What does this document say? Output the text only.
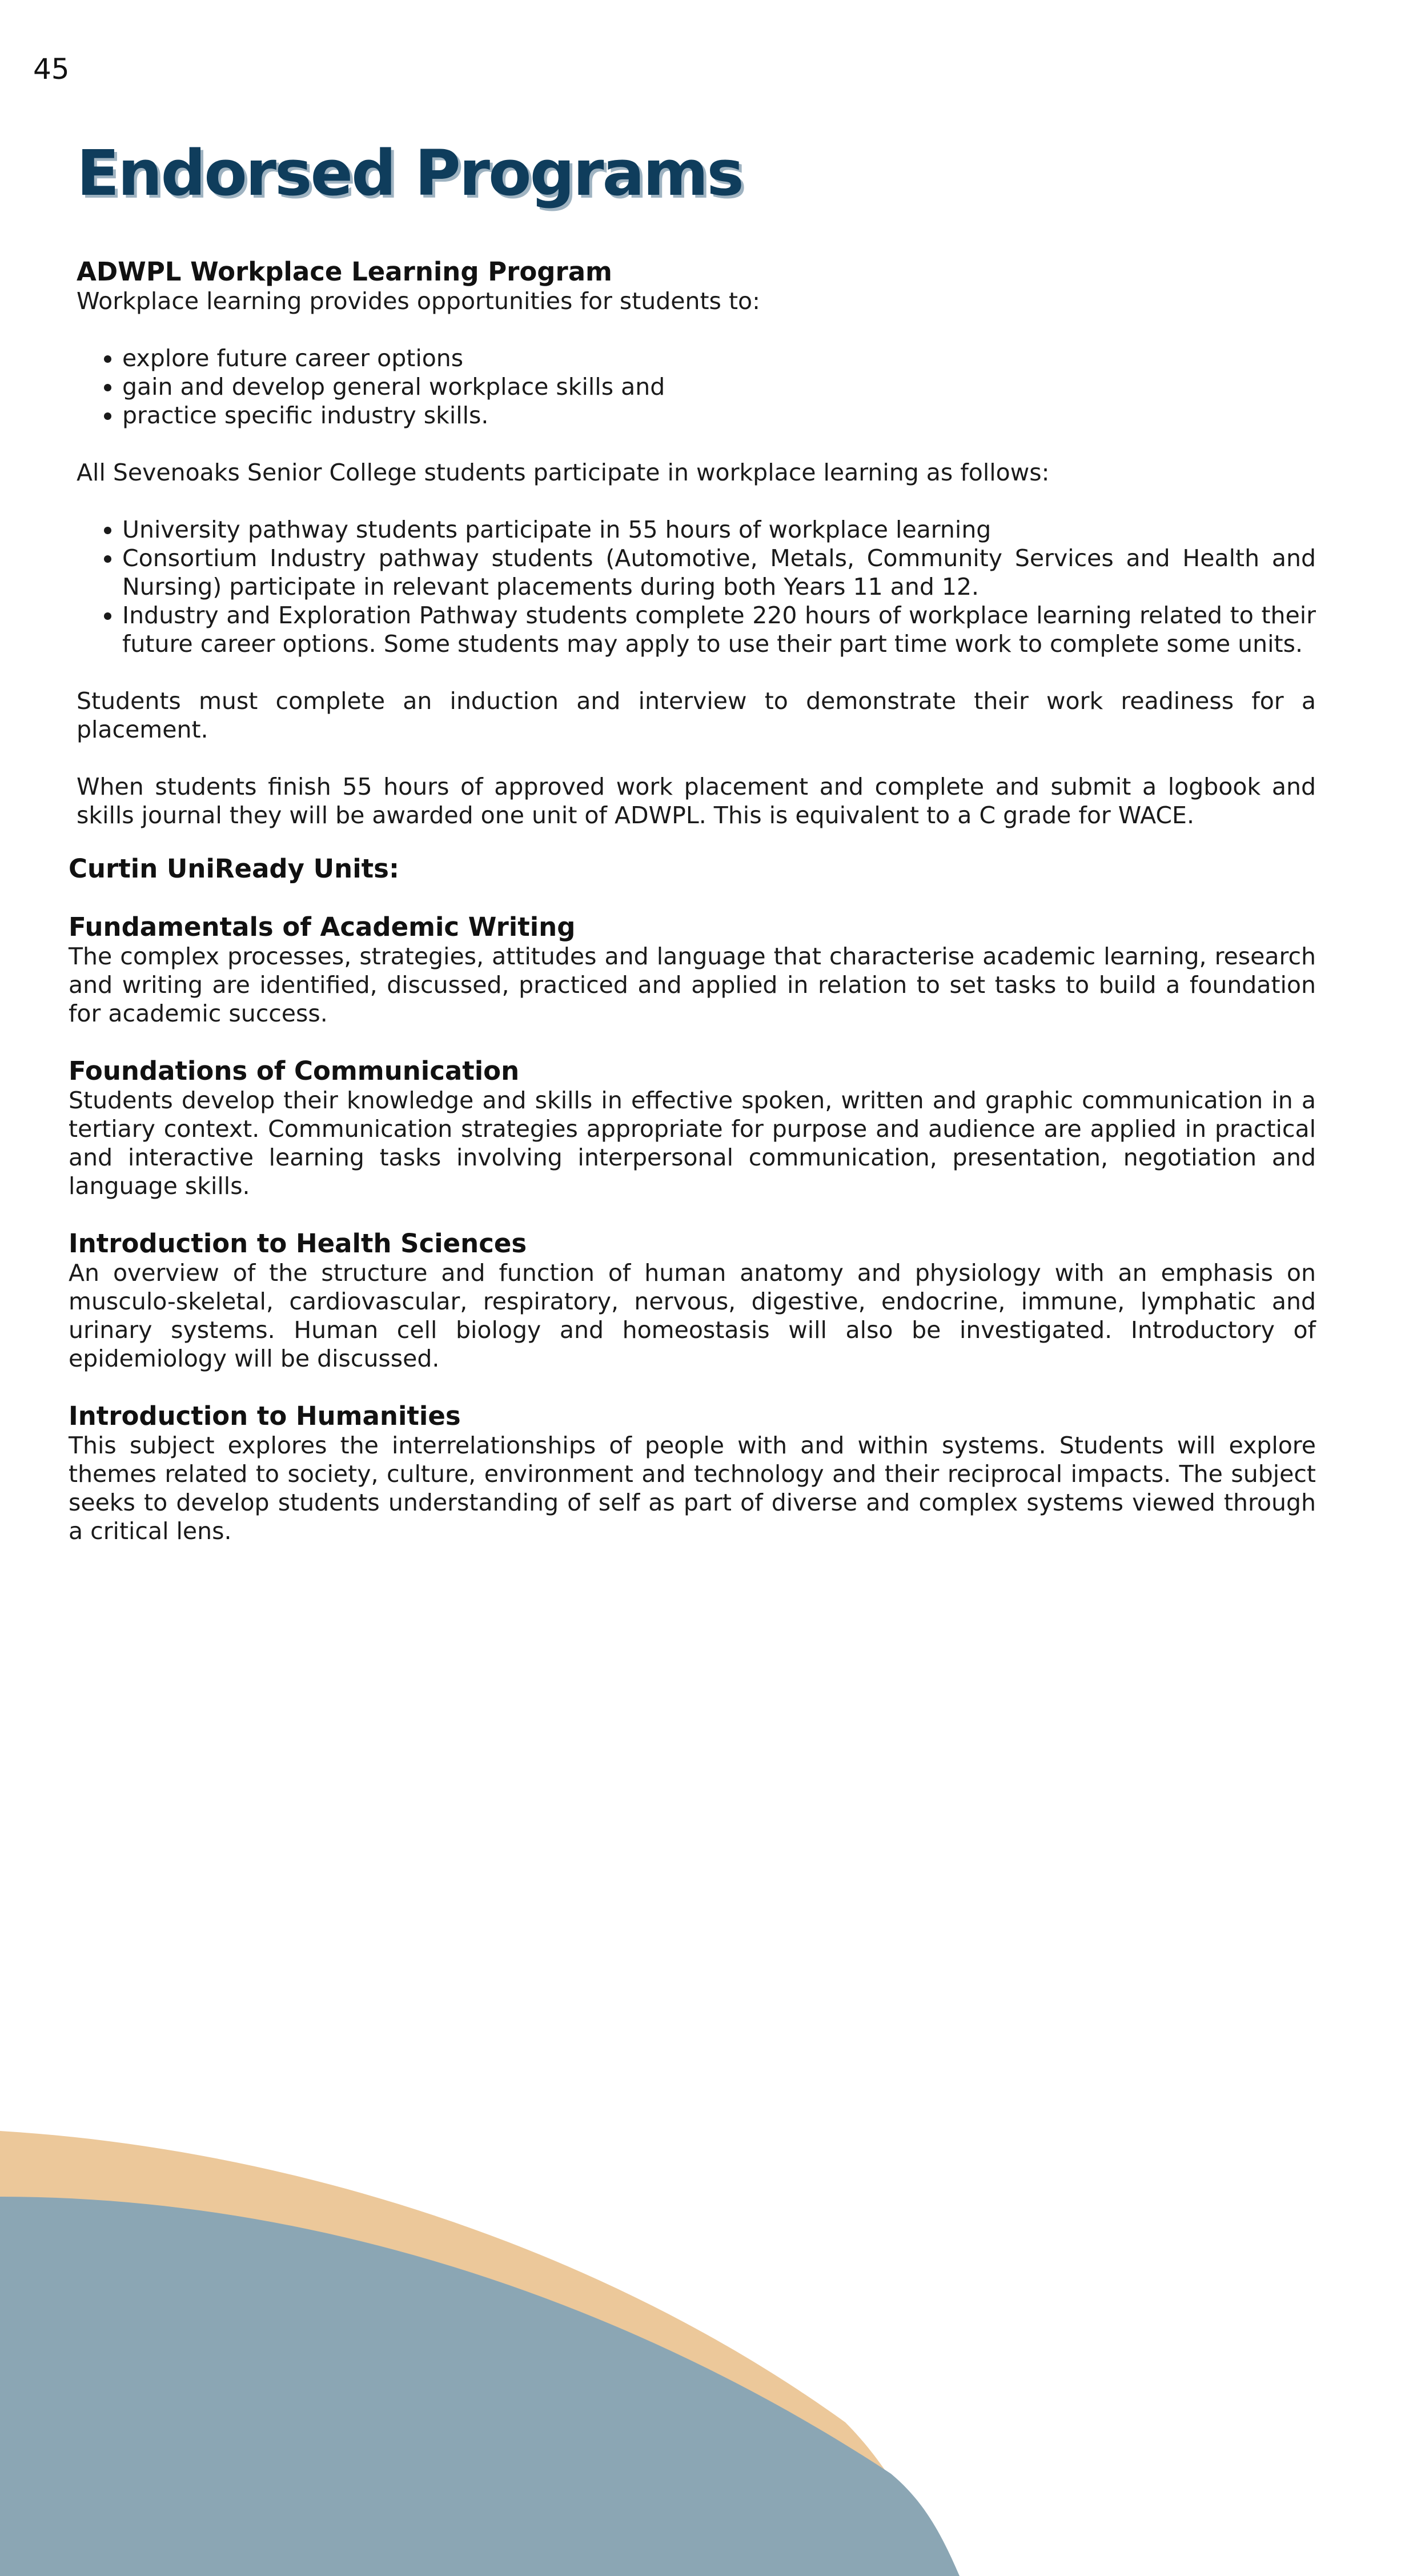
45
Endorsed Programs

ADWPL Workplace Learning Program

Workplace learning provides opportunities for students to:

• explore future career options
• gain and develop general workplace skills and
• practice specific industry skills.

All Sevenoaks Senior College students participate in workplace learning as follows:

• University pathway students participate in 55 hours of workplace learning
• Consortium Industry pathway students (Automotive, Metals, Community Services and Health and Nursing) participate in relevant placements during both Years 11 and 12.
• Industry and Exploration Pathway students complete 220 hours of workplace learning related to their future career options. Some students may apply to use their part time work to complete some units.

Students must complete an induction and interview to demonstrate their work readiness for a placement.

When students finish 55 hours of approved work placement and complete and submit a logbook and skills journal they will be awarded one unit of ADWPL. This is equivalent to a C grade for WACE.

Curtin UniReady Units:

Fundamentals of Academic Writing

The complex processes, strategies, attitudes and language that characterise academic learning, research and writing are identified, discussed, practiced and applied in relation to set tasks to build a foundation for academic success.

Foundations of Communication

Students develop their knowledge and skills in effective spoken, written and graphic communication in a tertiary context. Communication strategies appropriate for purpose and audience are applied in practical and interactive learning tasks involving interpersonal communication, presentation, negotiation and language skills.

Introduction to Health Sciences

An overview of the structure and function of human anatomy and physiology with an emphasis on musculo-skeletal, cardiovascular, respiratory, nervous, digestive, endocrine, immune, lymphatic and urinary systems. Human cell biology and homeostasis will also be investigated. Introductory of epidemiology will be discussed.

Introduction to Humanities

This subject explores the interrelationships of people with and within systems. Students will explore themes related to society, culture, environment and technology and their reciprocal impacts. The subject seeks to develop students understanding of self as part of diverse and complex systems viewed through a critical lens.
